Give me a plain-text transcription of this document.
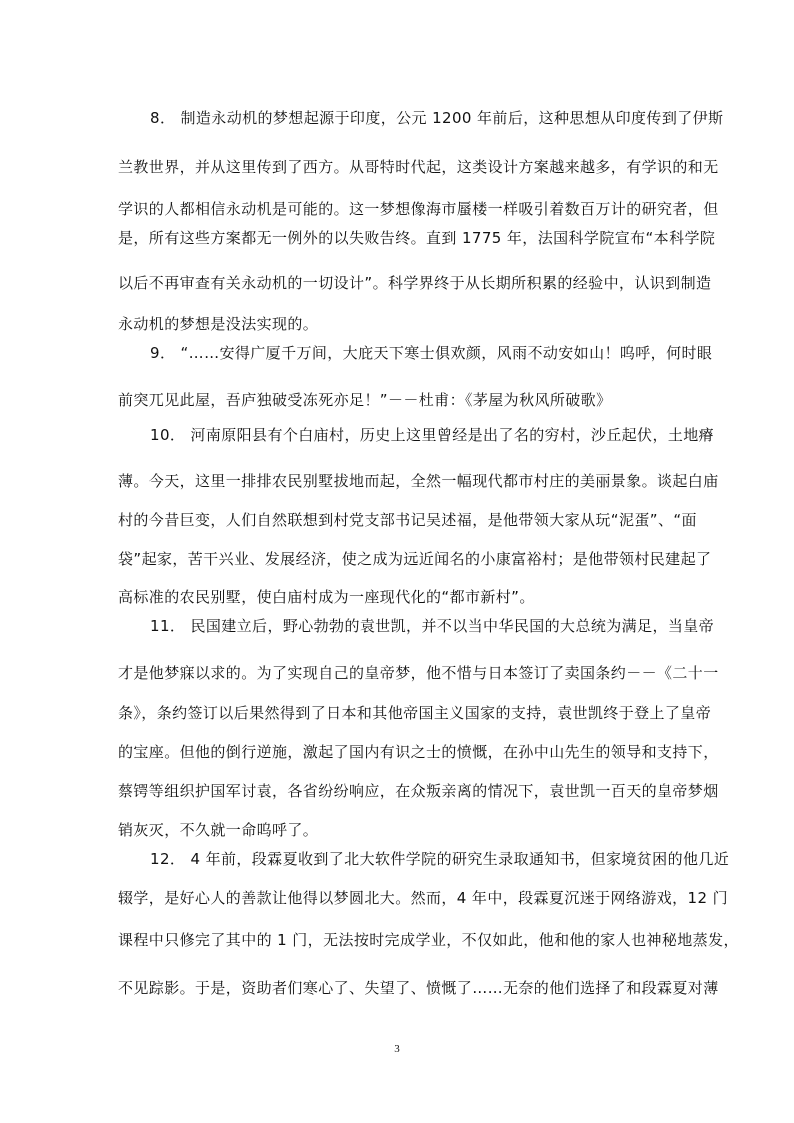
8． 制造永动机的梦想起源于印度，公元 1200 年前后，这种思想从印度传到了伊斯
兰教世界，并从这里传到了西方。从哥特时代起，这类设计方案越来越多，有学识的和无
学识的人都相信永动机是可能的。这一梦想像海市蜃楼一样吸引着数百万计的研究者，但
是，所有这些方案都无一例外的以失败告终。直到 1775 年，法国科学院宣布“本科学院
以后不再审查有关永动机的一切设计”。科学界终于从长期所积累的经验中，认识到制造
永动机的梦想是没法实现的。
9． “……安得广厦千万间，大庇天下寒士俱欢颜，风雨不动安如山！呜呼，何时眼
前突兀见此屋，吾庐独破受冻死亦足！”－－杜甫：《茅屋为秋风所破歌》
10． 河南原阳县有个白庙村，历史上这里曾经是出了名的穷村，沙丘起伏，土地瘠
薄。今天，这里一排排农民别墅拔地而起，全然一幅现代都市村庄的美丽景象。谈起白庙
村的今昔巨变，人们自然联想到村党支部书记吴述福，是他带领大家从玩“泥蛋”、“面
袋”起家，苦干兴业、发展经济，使之成为远近闻名的小康富裕村；是他带领村民建起了
高标准的农民别墅，使白庙村成为一座现代化的“都市新村”。
11． 民国建立后，野心勃勃的袁世凯，并不以当中华民国的大总统为满足，当皇帝
才是他梦寐以求的。为了实现自己的皇帝梦，他不惜与日本签订了卖国条约－－《二十一
条》，条约签订以后果然得到了日本和其他帝国主义国家的支持，袁世凯终于登上了皇帝
的宝座。但他的倒行逆施，激起了国内有识之士的愤慨，在孙中山先生的领导和支持下，
蔡锷等组织护国军讨袁，各省纷纷响应，在众叛亲离的情况下，袁世凯一百天的皇帝梦烟
销灰灭，不久就一命呜呼了。
12． 4 年前，段霖夏收到了北大软件学院的研究生录取通知书，但家境贫困的他几近
辍学，是好心人的善款让他得以梦圆北大。然而，4 年中，段霖夏沉迷于网络游戏，12 门
课程中只修完了其中的 1 门，无法按时完成学业，不仅如此，他和他的家人也神秘地蒸发，
不见踪影。于是，资助者们寒心了、失望了、愤慨了……无奈的他们选择了和段霖夏对薄
3
